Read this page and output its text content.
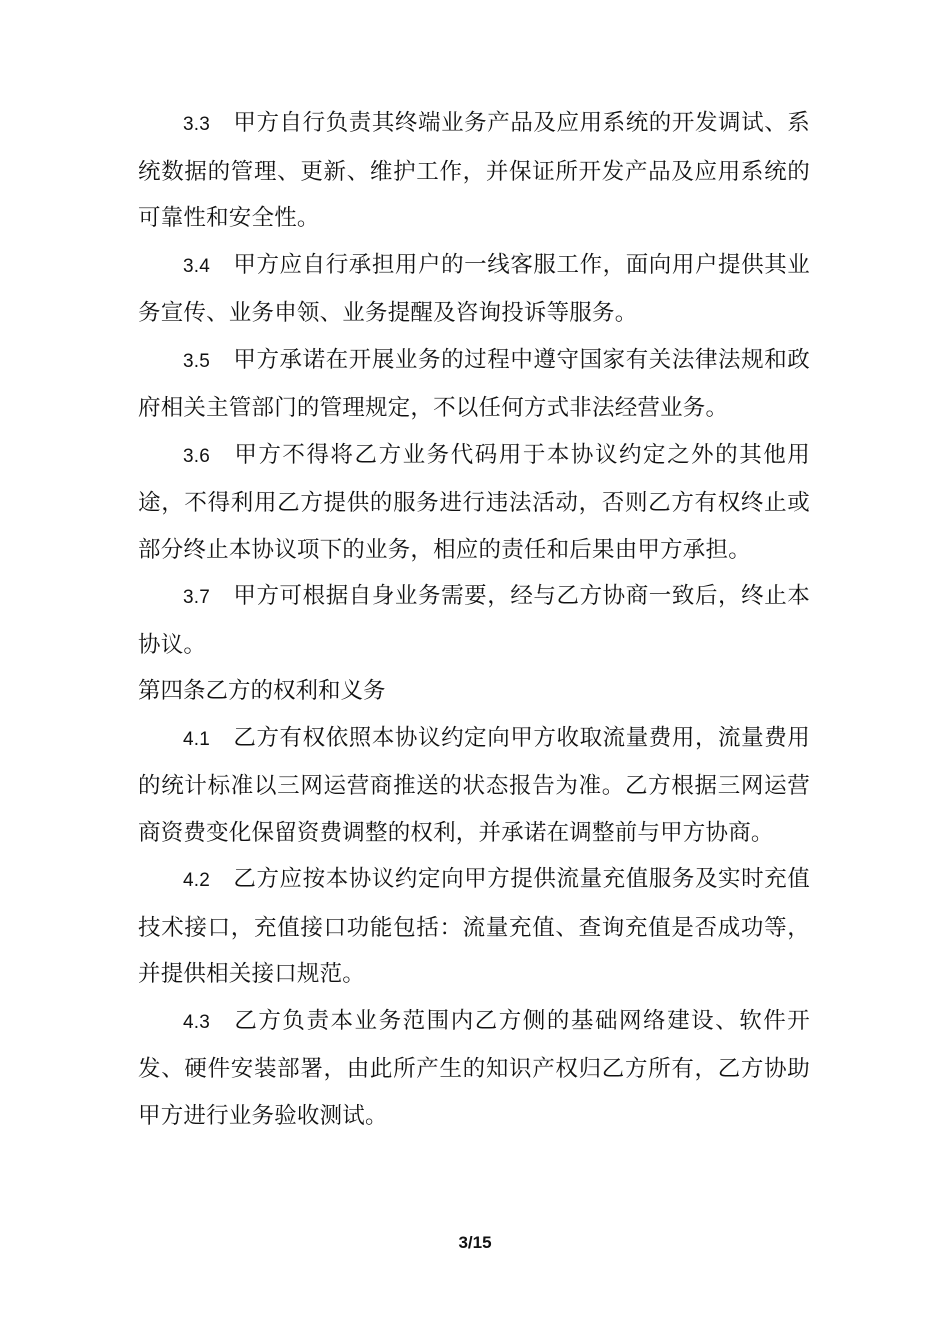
3.3 甲方自行负责其终端业务产品及应用系统的开发调试、系统数据的管理、更新、维护工作，并保证所开发产品及应用系统的可靠性和安全性。

3.4 甲方应自行承担用户的一线客服工作，面向用户提供其业务宣传、业务申领、业务提醒及咨询投诉等服务。

3.5 甲方承诺在开展业务的过程中遵守国家有关法律法规和政府相关主管部门的管理规定，不以任何方式非法经营业务。

3.6 甲方不得将乙方业务代码用于本协议约定之外的其他用途，不得利用乙方提供的服务进行违法活动，否则乙方有权终止或部分终止本协议项下的业务，相应的责任和后果由甲方承担。

3.7 甲方可根据自身业务需要，经与乙方协商一致后，终止本协议。

第四条乙方的权利和义务

4.1 乙方有权依照本协议约定向甲方收取流量费用，流量费用的统计标准以三网运营商推送的状态报告为准。乙方根据三网运营商资费变化保留资费调整的权利，并承诺在调整前与甲方协商。

4.2 乙方应按本协议约定向甲方提供流量充值服务及实时充值技术接口，充值接口功能包括：流量充值、查询充值是否成功等，并提供相关接口规范。

4.3 乙方负责本业务范围内乙方侧的基础网络建设、软件开发、硬件安装部署，由此所产生的知识产权归乙方所有，乙方协助甲方进行业务验收测试。

3/15
